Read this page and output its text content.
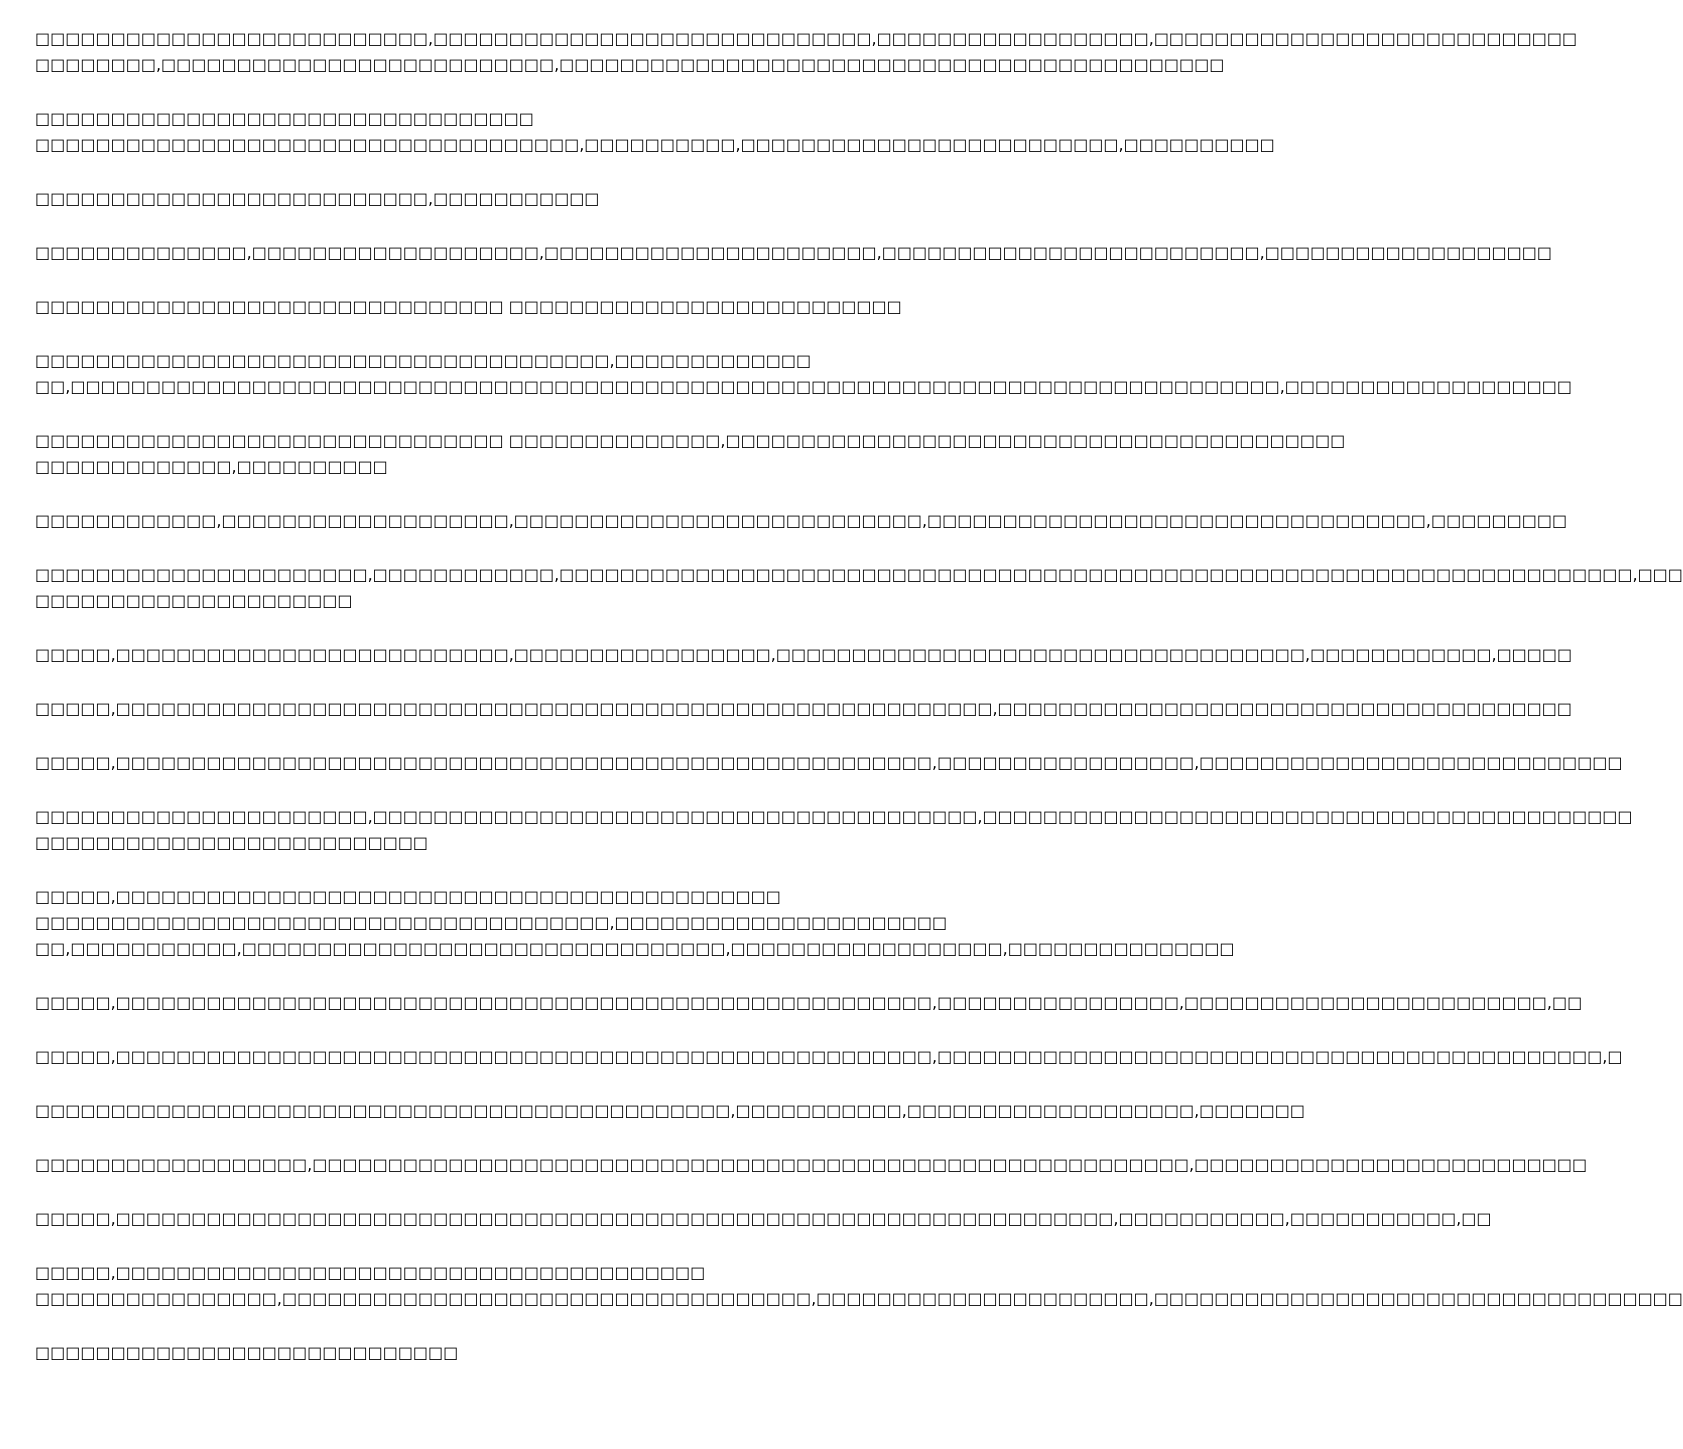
□□□□□□□□□□□□□□□□□□□□□□□□□□,□□□□□□□□□□□□□□□□□□□□□□□□□□□□□,□□□□□□□□□□□□□□□□□□,□□□□□□□□□□□□□□□□□□□□□□□□□□□□
□□□□□□□□,□□□□□□□□□□□□□□□□□□□□□□□□□□,□□□□□□□□□□□□□□□□□□□□□□□□□□□□□□□□□□□□□□□□□□□□
□□□□□□□□□□□□□□□□□□□□□□□□□□□□□□□□□
□□□□□□□□□□□□□□□□□□□□□□□□□□□□□□□□□□□□,□□□□□□□□□□,□□□□□□□□□□□□□□□□□□□□□□□□□,□□□□□□□□□□
□□□□□□□□□□□□□□□□□□□□□□□□□□,□□□□□□□□□□□
□□□□□□□□□□□□□□,□□□□□□□□□□□□□□□□□□□,□□□□□□□□□□□□□□□□□□□□□□,□□□□□□□□□□□□□□□□□□□□□□□□□,□□□□□□□□□□□□□□□□□□□
□□□□□□□□□□□□□□□□□□□□□□□□□□□□□□□ □□□□□□□□□□□□□□□□□□□□□□□□□□
□□□□□□□□□□□□□□□□□□□□□□□□□□□□□□□□□□□□□□,□□□□□□□□□□□□□
□□,□□□□□□□□□□□□□□□□□□□□□□□□□□□□□□□□□□□□□□□□□□□□□□□□□□□□□□□□□□□□□□□□□□□□□□□□□□□□□□□□,□□□□□□□□□□□□□□□□□□□
□□□□□□□□□□□□□□□□□□□□□□□□□□□□□□□ □□□□□□□□□□□□□□,□□□□□□□□□□□□□□□□□□□□□□□□□□□□□□□□□□□□□□□□□
□□□□□□□□□□□□□,□□□□□□□□□□
□□□□□□□□□□□□,□□□□□□□□□□□□□□□□□□□,□□□□□□□□□□□□□□□□□□□□□□□□□□□,□□□□□□□□□□□□□□□□□□□□□□□□□□□□□□□□□,□□□□□□□□□
□□□□□□□□□□□□□□□□□□□□□□,□□□□□□□□□□□□,□□□□□□□□□□□□□□□□□□□□□□□□□□□□□□□□□□□□□□□□□□□□□□□□□□□□□□□□□□□□□□□□□□□□□□□,□□□
□□□□□□□□□□□□□□□□□□□□□
□□□□□,□□□□□□□□□□□□□□□□□□□□□□□□□□,□□□□□□□□□□□□□□□□□,□□□□□□□□□□□□□□□□□□□□□□□□□□□□□□□□□□□,□□□□□□□□□□□□,□□□□□
□□□□□,□□□□□□□□□□□□□□□□□□□□□□□□□□□□□□□□□□□□□□□□□□□□□□□□□□□□□□□□□□,□□□□□□□□□□□□□□□□□□□□□□□□□□□□□□□□□□□□□□
□□□□□,□□□□□□□□□□□□□□□□□□□□□□□□□□□□□□□□□□□□□□□□□□□□□□□□□□□□□□,□□□□□□□□□□□□□□□□□,□□□□□□□□□□□□□□□□□□□□□□□□□□□□
□□□□□□□□□□□□□□□□□□□□□□,□□□□□□□□□□□□□□□□□□□□□□□□□□□□□□□□□□□□□□□□,□□□□□□□□□□□□□□□□□□□□□□□□□□□□□□□□□□□□□□□□□□□
□□□□□□□□□□□□□□□□□□□□□□□□□□
□□□□□,□□□□□□□□□□□□□□□□□□□□□□□□□□□□□□□□□□□□□□□□□□□□
□□□□□□□□□□□□□□□□□□□□□□□□□□□□□□□□□□□□□□,□□□□□□□□□□□□□□□□□□□□□□
□□,□□□□□□□□□□□,□□□□□□□□□□□□□□□□□□□□□□□□□□□□□□□□,□□□□□□□□□□□□□□□□□□,□□□□□□□□□□□□□□□
□□□□□,□□□□□□□□□□□□□□□□□□□□□□□□□□□□□□□□□□□□□□□□□□□□□□□□□□□□□□,□□□□□□□□□□□□□□□□,□□□□□□□□□□□□□□□□□□□□□□□□,□□
□□□□□,□□□□□□□□□□□□□□□□□□□□□□□□□□□□□□□□□□□□□□□□□□□□□□□□□□□□□□,□□□□□□□□□□□□□□□□□□□□□□□□□□□□□□□□□□□□□□□□□□□□,□
□□□□□□□□□□□□□□□□□□□□□□□□□□□□□□□□□□□□□□□□□□□□□□,□□□□□□□□□□□,□□□□□□□□□□□□□□□□□□□,□□□□□□□
□□□□□□□□□□□□□□□□□□,□□□□□□□□□□□□□□□□□□□□□□□□□□□□□□□□□□□□□□□□□□□□□□□□□□□□□□□□□□,□□□□□□□□□□□□□□□□□□□□□□□□□□
□□□□□,□□□□□□□□□□□□□□□□□□□□□□□□□□□□□□□□□□□□□□□□□□□□□□□□□□□□□□□□□□□□□□□□□□,□□□□□□□□□□□,□□□□□□□□□□□,□□
□□□□□,□□□□□□□□□□□□□□□□□□□□□□□□□□□□□□□□□□□□□□□
□□□□□□□□□□□□□□□□,□□□□□□□□□□□□□□□□□□□□□□□□□□□□□□□□□□□,□□□□□□□□□□□□□□□□□□□□□□,□□□□□□□□□□□□□□□□□□□□□□□□□□□□□□□□□□□
□□□□□□□□□□□□□□□□□□□□□□□□□□□□
